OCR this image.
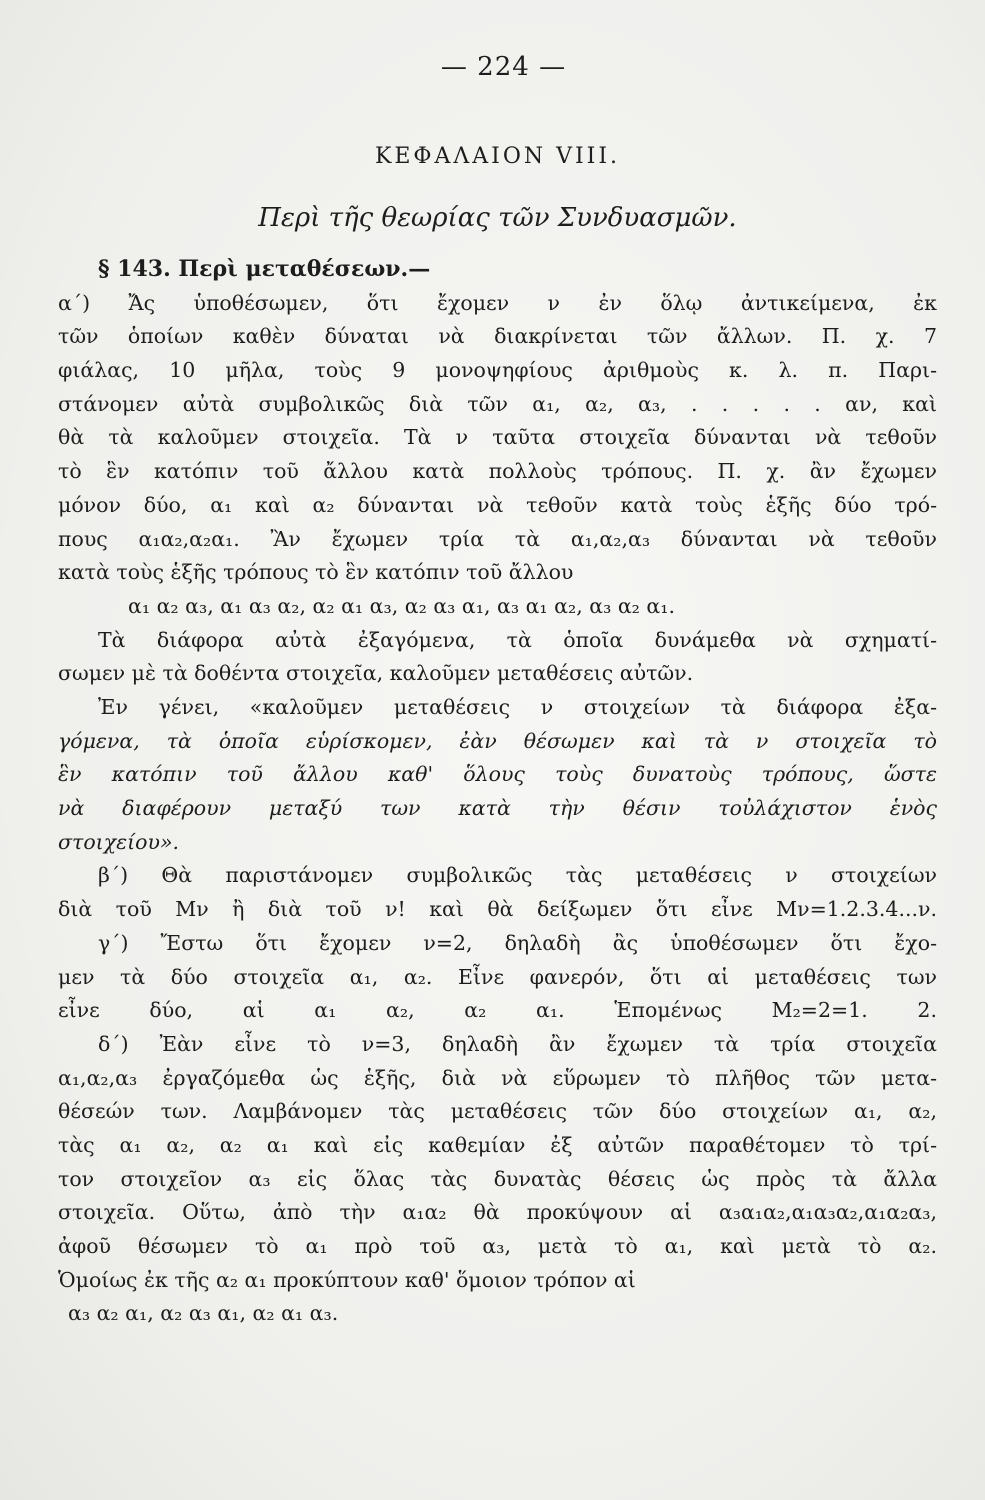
— 224 —
ΚΕΦΑΛΑΙΟΝ VIII.
Περὶ τῆς θεωρίας τῶν Συνδυασμῶν.
§ 143. Περὶ μεταθέσεων.—
α΄) Ἄς ὑποθέσωμεν, ὅτι ἔχομεν ν ἐν ὅλῳ ἀντικείμενα, ἐκ
τῶν ὁποίων καθὲν δύναται νὰ διακρίνεται τῶν ἄλλων. Π. χ. 7
φιάλας, 10 μῆλα, τοὺς 9 μονοψηφίους ἀριθμοὺς κ. λ. π. Παρι-
στάνομεν αὐτὰ συμβολικῶς διὰ τῶν α₁, α₂, α₃, . . . . . αν, καὶ
θὰ τὰ καλοῦμεν στοιχεῖα. Τὰ ν ταῦτα στοιχεῖα δύνανται νὰ τεθοῦν
τὸ ἓν κατόπιν τοῦ ἄλλου κατὰ πολλοὺς τρόπους. Π. χ. ἂν ἔχωμεν
μόνον δύο, α₁ καὶ α₂ δύνανται νὰ τεθοῦν κατὰ τοὺς ἑξῆς δύο τρό-
πους α₁α₂,α₂α₁. Ἂν ἔχωμεν τρία τὰ α₁,α₂,α₃ δύνανται νὰ τεθοῦν
κατὰ τοὺς ἑξῆς τρόπους τὸ ἓν κατόπιν τοῦ ἄλλου
α₁ α₂ α₃, α₁ α₃ α₂, α₂ α₁ α₃, α₂ α₃ α₁, α₃ α₁ α₂, α₃ α₂ α₁.
Τὰ διάφορα αὐτὰ ἐξαγόμενα, τὰ ὁποῖα δυνάμεθα νὰ σχηματί-
σωμεν μὲ τὰ δοθέντα στοιχεῖα, καλοῦμεν μεταθέσεις αὐτῶν.
Ἐν γένει, «καλοῦμεν μεταθέσεις ν στοιχείων τὰ διάφορα ἐξα-
γόμενα, τὰ ὁποῖα εὑρίσκομεν, ἐὰν θέσωμεν καὶ τὰ ν στοιχεῖα τὸ
ἓν κατόπιν τοῦ ἄλλου καθ' ὅλους τοὺς δυνατοὺς τρόπους, ὥστε
νὰ διαφέρουν μεταξύ των κατὰ τὴν θέσιν τοὐλάχιστον ἑνὸς
στοιχείου».
β΄) Θὰ παριστάνομεν συμβολικῶς τὰς μεταθέσεις ν στοιχείων
διὰ τοῦ Mν ἢ διὰ τοῦ ν! καὶ θὰ δείξωμεν ὅτι εἶνε Mν=1.2.3.4...ν.
γ΄) Ἔστω ὅτι ἔχομεν ν=2, δηλαδὴ ἂς ὑποθέσωμεν ὅτι ἔχο-
μεν τὰ δύο στοιχεῖα α₁, α₂. Εἶνε φανερόν, ὅτι αἱ μεταθέσεις των
εἶνε δύο, αἱ α₁ α₂, α₂ α₁. Ἑπομένως M₂=2=1. 2.
δ΄) Ἐὰν εἶνε τὸ ν=3, δηλαδὴ ἂν ἔχωμεν τὰ τρία στοιχεῖα
α₁,α₂,α₃ ἐργαζόμεθα ὡς ἑξῆς, διὰ νὰ εὕρωμεν τὸ πλῆθος τῶν μετα-
θέσεών των. Λαμβάνομεν τὰς μεταθέσεις τῶν δύο στοιχείων α₁, α₂,
τὰς α₁ α₂, α₂ α₁ καὶ εἰς καθεμίαν ἐξ αὐτῶν παραθέτομεν τὸ τρί-
τον στοιχεῖον α₃ εἰς ὅλας τὰς δυνατὰς θέσεις ὡς πρὸς τὰ ἄλλα
στοιχεῖα. Οὕτω, ἀπὸ τὴν α₁α₂ θὰ προκύψουν αἱ α₃α₁α₂,α₁α₃α₂,α₁α₂α₃,
ἀφοῦ θέσωμεν τὸ α₁ πρὸ τοῦ α₃, μετὰ τὸ α₁, καὶ μετὰ τὸ α₂.
Ὁμοίως ἐκ τῆς α₂ α₁ προκύπτουν καθ' ὅμοιον τρόπον αἱ
α₃ α₂ α₁, α₂ α₃ α₁, α₂ α₁ α₃.
